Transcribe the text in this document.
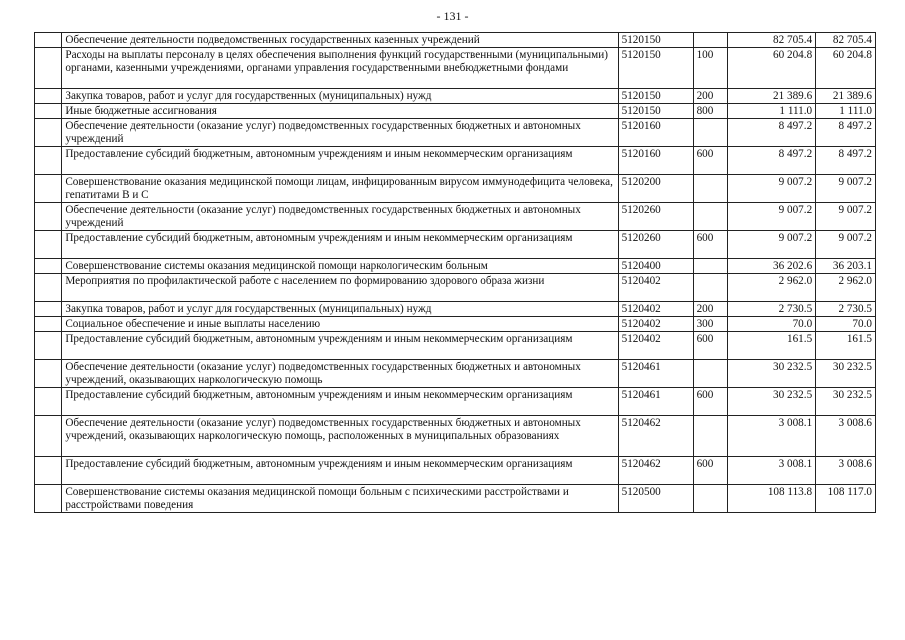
- 131 -
	Обеспечение деятельности подведомственных государственных казенных учреждений	5120150		82 705.4	82 705.4
	Расходы на выплаты персоналу в целях обеспечения выполнения функций государственными (муниципальными) органами, казенными учреждениями, органами управления государственными внебюджетными фондами	5120150	100	60 204.8	60 204.8
	Закупка товаров, работ и услуг для государственных (муниципальных) нужд	5120150	200	21 389.6	21 389.6
	Иные бюджетные ассигнования	5120150	800	1 111.0	1 111.0
	Обеспечение деятельности (оказание услуг) подведомственных государственных бюджетных и автономных учреждений	5120160		8 497.2	8 497.2
	Предоставление субсидий бюджетным, автономным учреждениям и иным некоммерческим организациям	5120160	600	8 497.2	8 497.2
	Совершенствование оказания медицинской помощи лицам, инфицированным вирусом иммунодефицита человека, гепатитами В и С	5120200		9 007.2	9 007.2
	Обеспечение деятельности (оказание услуг) подведомственных государственных бюджетных и автономных учреждений	5120260		9 007.2	9 007.2
	Предоставление субсидий бюджетным, автономным учреждениям и иным некоммерческим организациям	5120260	600	9 007.2	9 007.2
	Совершенствование системы оказания медицинской помощи наркологическим больным	5120400		36 202.6	36 203.1
	Мероприятия по профилактической работе с населением по формированию здорового образа жизни	5120402		2 962.0	2 962.0
	Закупка товаров, работ и услуг для государственных (муниципальных) нужд	5120402	200	2 730.5	2 730.5
	Социальное обеспечение и иные выплаты населению	5120402	300	70.0	70.0
	Предоставление субсидий бюджетным, автономным учреждениям и иным некоммерческим организациям	5120402	600	161.5	161.5
	Обеспечение деятельности (оказание услуг) подведомственных государственных бюджетных и автономных учреждений, оказывающих наркологическую помощь	5120461		30 232.5	30 232.5
	Предоставление субсидий бюджетным, автономным учреждениям и иным некоммерческим организациям	5120461	600	30 232.5	30 232.5
	Обеспечение деятельности (оказание услуг) подведомственных государственных бюджетных и автономных учреждений, оказывающих наркологическую помощь, расположенных в муниципальных образованиях	5120462		3 008.1	3 008.6
	Предоставление субсидий бюджетным, автономным учреждениям и иным некоммерческим организациям	5120462	600	3 008.1	3 008.6
	Совершенствование системы оказания медицинской помощи больным с психическими расстройствами и расстройствами поведения	5120500		108 113.8	108 117.0
